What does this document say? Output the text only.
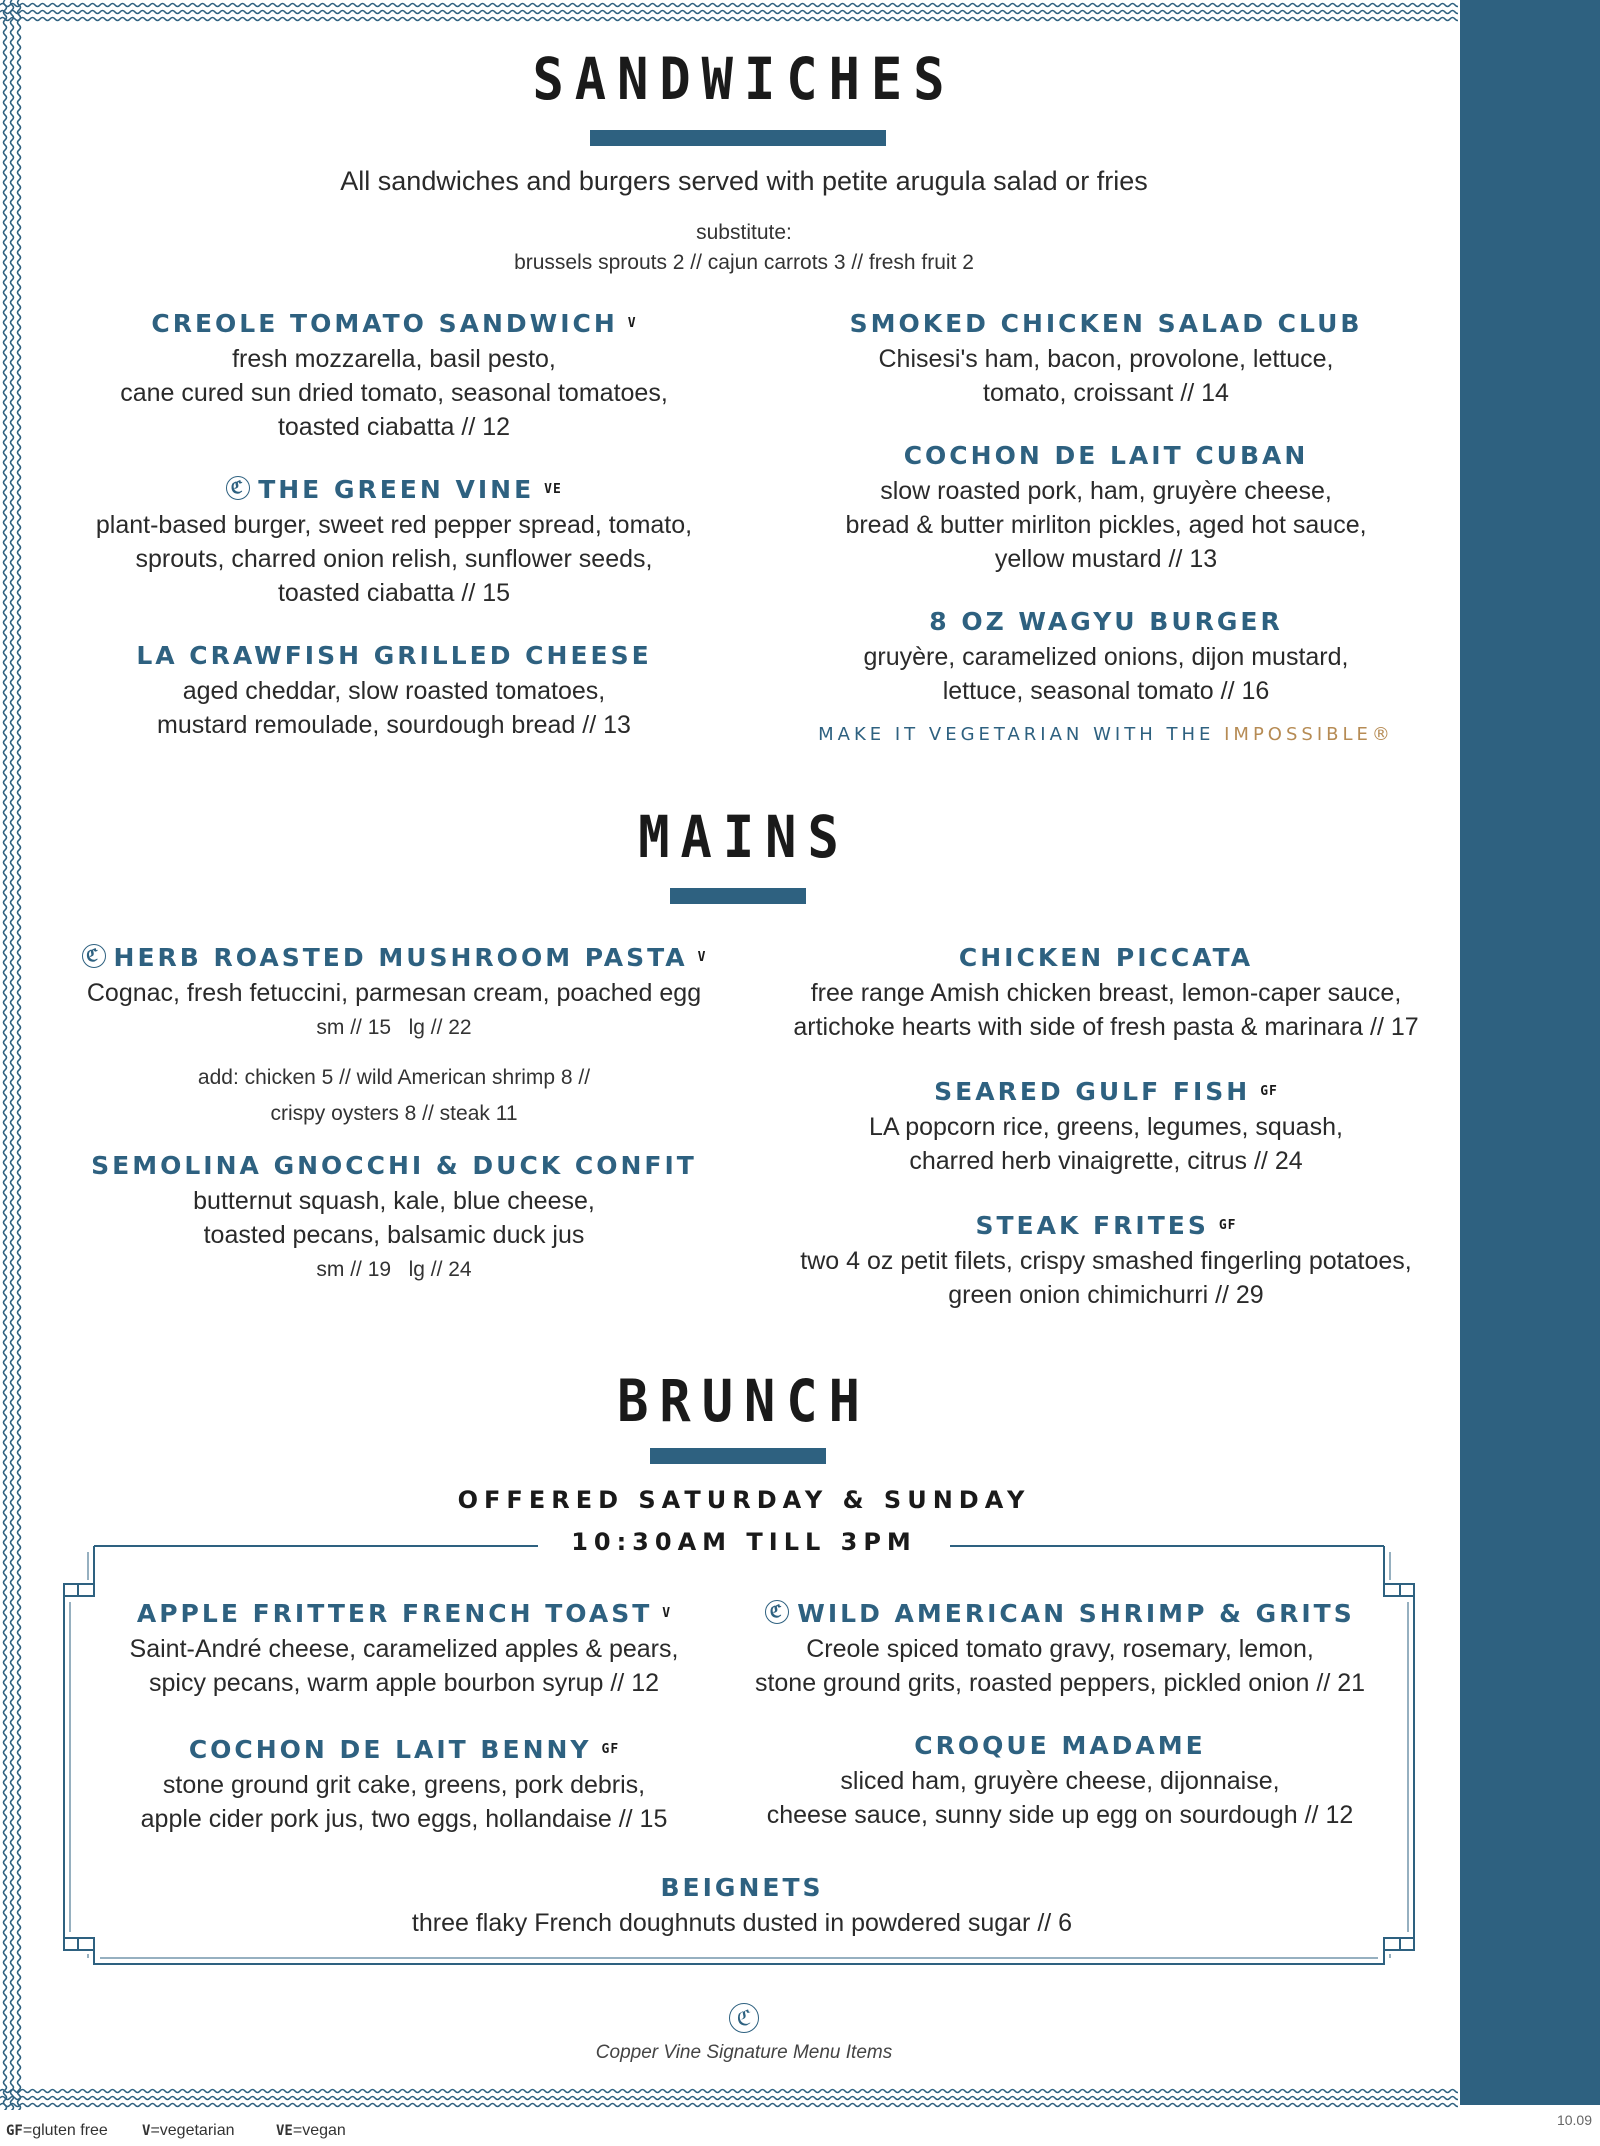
SANDWICHES
All sandwiches and burgers served with petite arugula salad or fries
substitute:
brussels sprouts 2 // cajun carrots 3 // fresh fruit 2
CREOLE TOMATO SANDWICH $^V$
fresh mozzarella, basil pesto,
cane cured sun dried tomato, seasonal tomatoes,
toasted ciabatta // 12
ℭ THE GREEN VINE $^{VE}$
plant-based burger, sweet red pepper spread, tomato,
sprouts, charred onion relish, sunflower seeds,
toasted ciabatta // 15
LA CRAWFISH GRILLED CHEESE
aged cheddar, slow roasted tomatoes,
mustard remoulade, sourdough bread // 13
SMOKED CHICKEN SALAD CLUB
Chisesi's ham, bacon, provolone, lettuce,
tomato, croissant // 14
COCHON DE LAIT CUBAN
slow roasted pork, ham, gruyère cheese,
bread & butter mirliton pickles, aged hot sauce,
yellow mustard // 13
8 OZ WAGYU BURGER
gruyère, caramelized onions, dijon mustard,
lettuce, seasonal tomato // 16
MAKE IT VEGETARIAN WITH THE IMPOSSIBLE®
MAINS
ℭ HERB ROASTED MUSHROOM PASTA $^V$
Cognac, fresh fetuccini, parmesan cream, poached egg
sm // 15   lg // 22
add: chicken 5 // wild American shrimp 8 //
crispy oysters 8 // steak 11
SEMOLINA GNOCCHI & DUCK CONFIT
butternut squash, kale, blue cheese,
toasted pecans, balsamic duck jus
sm // 19   lg // 24
CHICKEN PICCATA
free range Amish chicken breast, lemon-caper sauce,
artichoke hearts with side of fresh pasta & marinara // 17
SEARED GULF FISH $^{GF}$
LA popcorn rice, greens, legumes, squash,
charred herb vinaigrette, citrus // 24
STEAK FRITES $^{GF}$
two 4 oz petit filets, crispy smashed fingerling potatoes,
green onion chimichurri // 29
BRUNCH
OFFERED SATURDAY & SUNDAY
10:30AM TILL 3PM
APPLE FRITTER FRENCH TOAST $^V$
Saint-André cheese, caramelized apples & pears,
spicy pecans, warm apple bourbon syrup // 12
COCHON DE LAIT BENNY $^{GF}$
stone ground grit cake, greens, pork debris,
apple cider pork jus, two eggs, hollandaise // 15
ℭ WILD AMERICAN SHRIMP & GRITS
Creole spiced tomato gravy, rosemary, lemon,
stone ground grits, roasted peppers, pickled onion // 21
CROQUE MADAME
sliced ham, gruyère cheese, dijonnaise,
cheese sauce, sunny side up egg on sourdough // 12
BEIGNETS
three flaky French doughnuts dusted in powdered sugar // 6
ℭ
Copper Vine Signature Menu Items
GF=gluten free V=vegetarian	VE=vegan
10.09
